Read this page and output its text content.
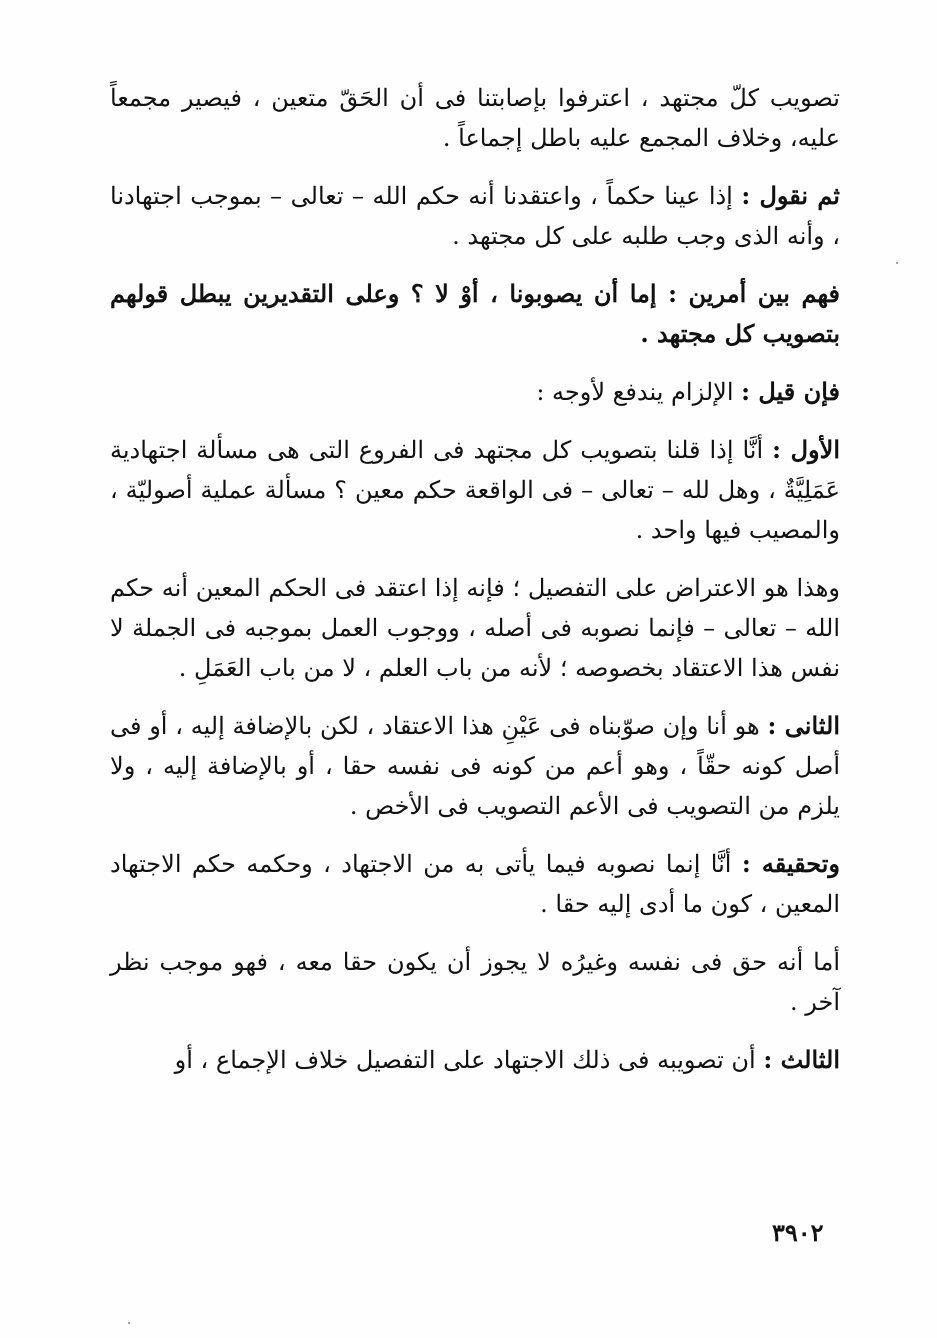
تصويب كلّ مجتهد ، اعترفوا بإصابتنا فى أن الحَقّ متعين ، فيصير مجمعاً عليه، وخلاف المجمع عليه باطل إجماعاً .

ثم نقول : إذا عينا حكماً ، واعتقدنا أنه حكم الله – تعالى – بموجب اجتهادنا ، وأنه الذى وجب طلبه على كل مجتهد .

فهم بين أمرين : إما أن يصوبونا ، أوْ لا ؟ وعلى التقديرين يبطل قولهم بتصويب كل مجتهد .

فإن قيل : الإلزام يندفع لأوجه :

الأول : أنَّا إذا قلنا بتصويب كل مجتهد فى الفروع التى هى مسألة اجتهادية عَمَلِيَّةٌ ، وهل لله – تعالى – فى الواقعة حكم معين ؟ مسألة عملية أصوليّة ، والمصيب فيها واحد .

وهذا هو الاعتراض على التفصيل ؛ فإنه إذا اعتقد فى الحكم المعين أنه حكم الله – تعالى – فإنما نصوبه فى أصله ، ووجوب العمل بموجبه فى الجملة لا نفس هذا الاعتقاد بخصوصه ؛ لأنه من باب العلم ، لا من باب العَمَلِ .

الثانى : هو أنا وإن صوّبناه فى عَيْنِ هذا الاعتقاد ، لكن بالإضافة إليه ، أو فى أصل كونه حقّاً ، وهو أعم من كونه فى نفسه حقا ، أو بالإضافة إليه ، ولا يلزم من التصويب فى الأعم التصويب فى الأخص .

وتحقيقه : أنَّا إنما نصوبه فيما يأتى به من الاجتهاد ، وحكمه حكم الاجتهاد المعين ، كون ما أدى إليه حقا .

أما أنه حق فى نفسه وغيرُه لا يجوز أن يكون حقا معه ، فهو موجب نظر آخر .

الثالث : أن تصويبه فى ذلك الاجتهاد على التفصيل خلاف الإجماع ، أو

٣٩٠٢
